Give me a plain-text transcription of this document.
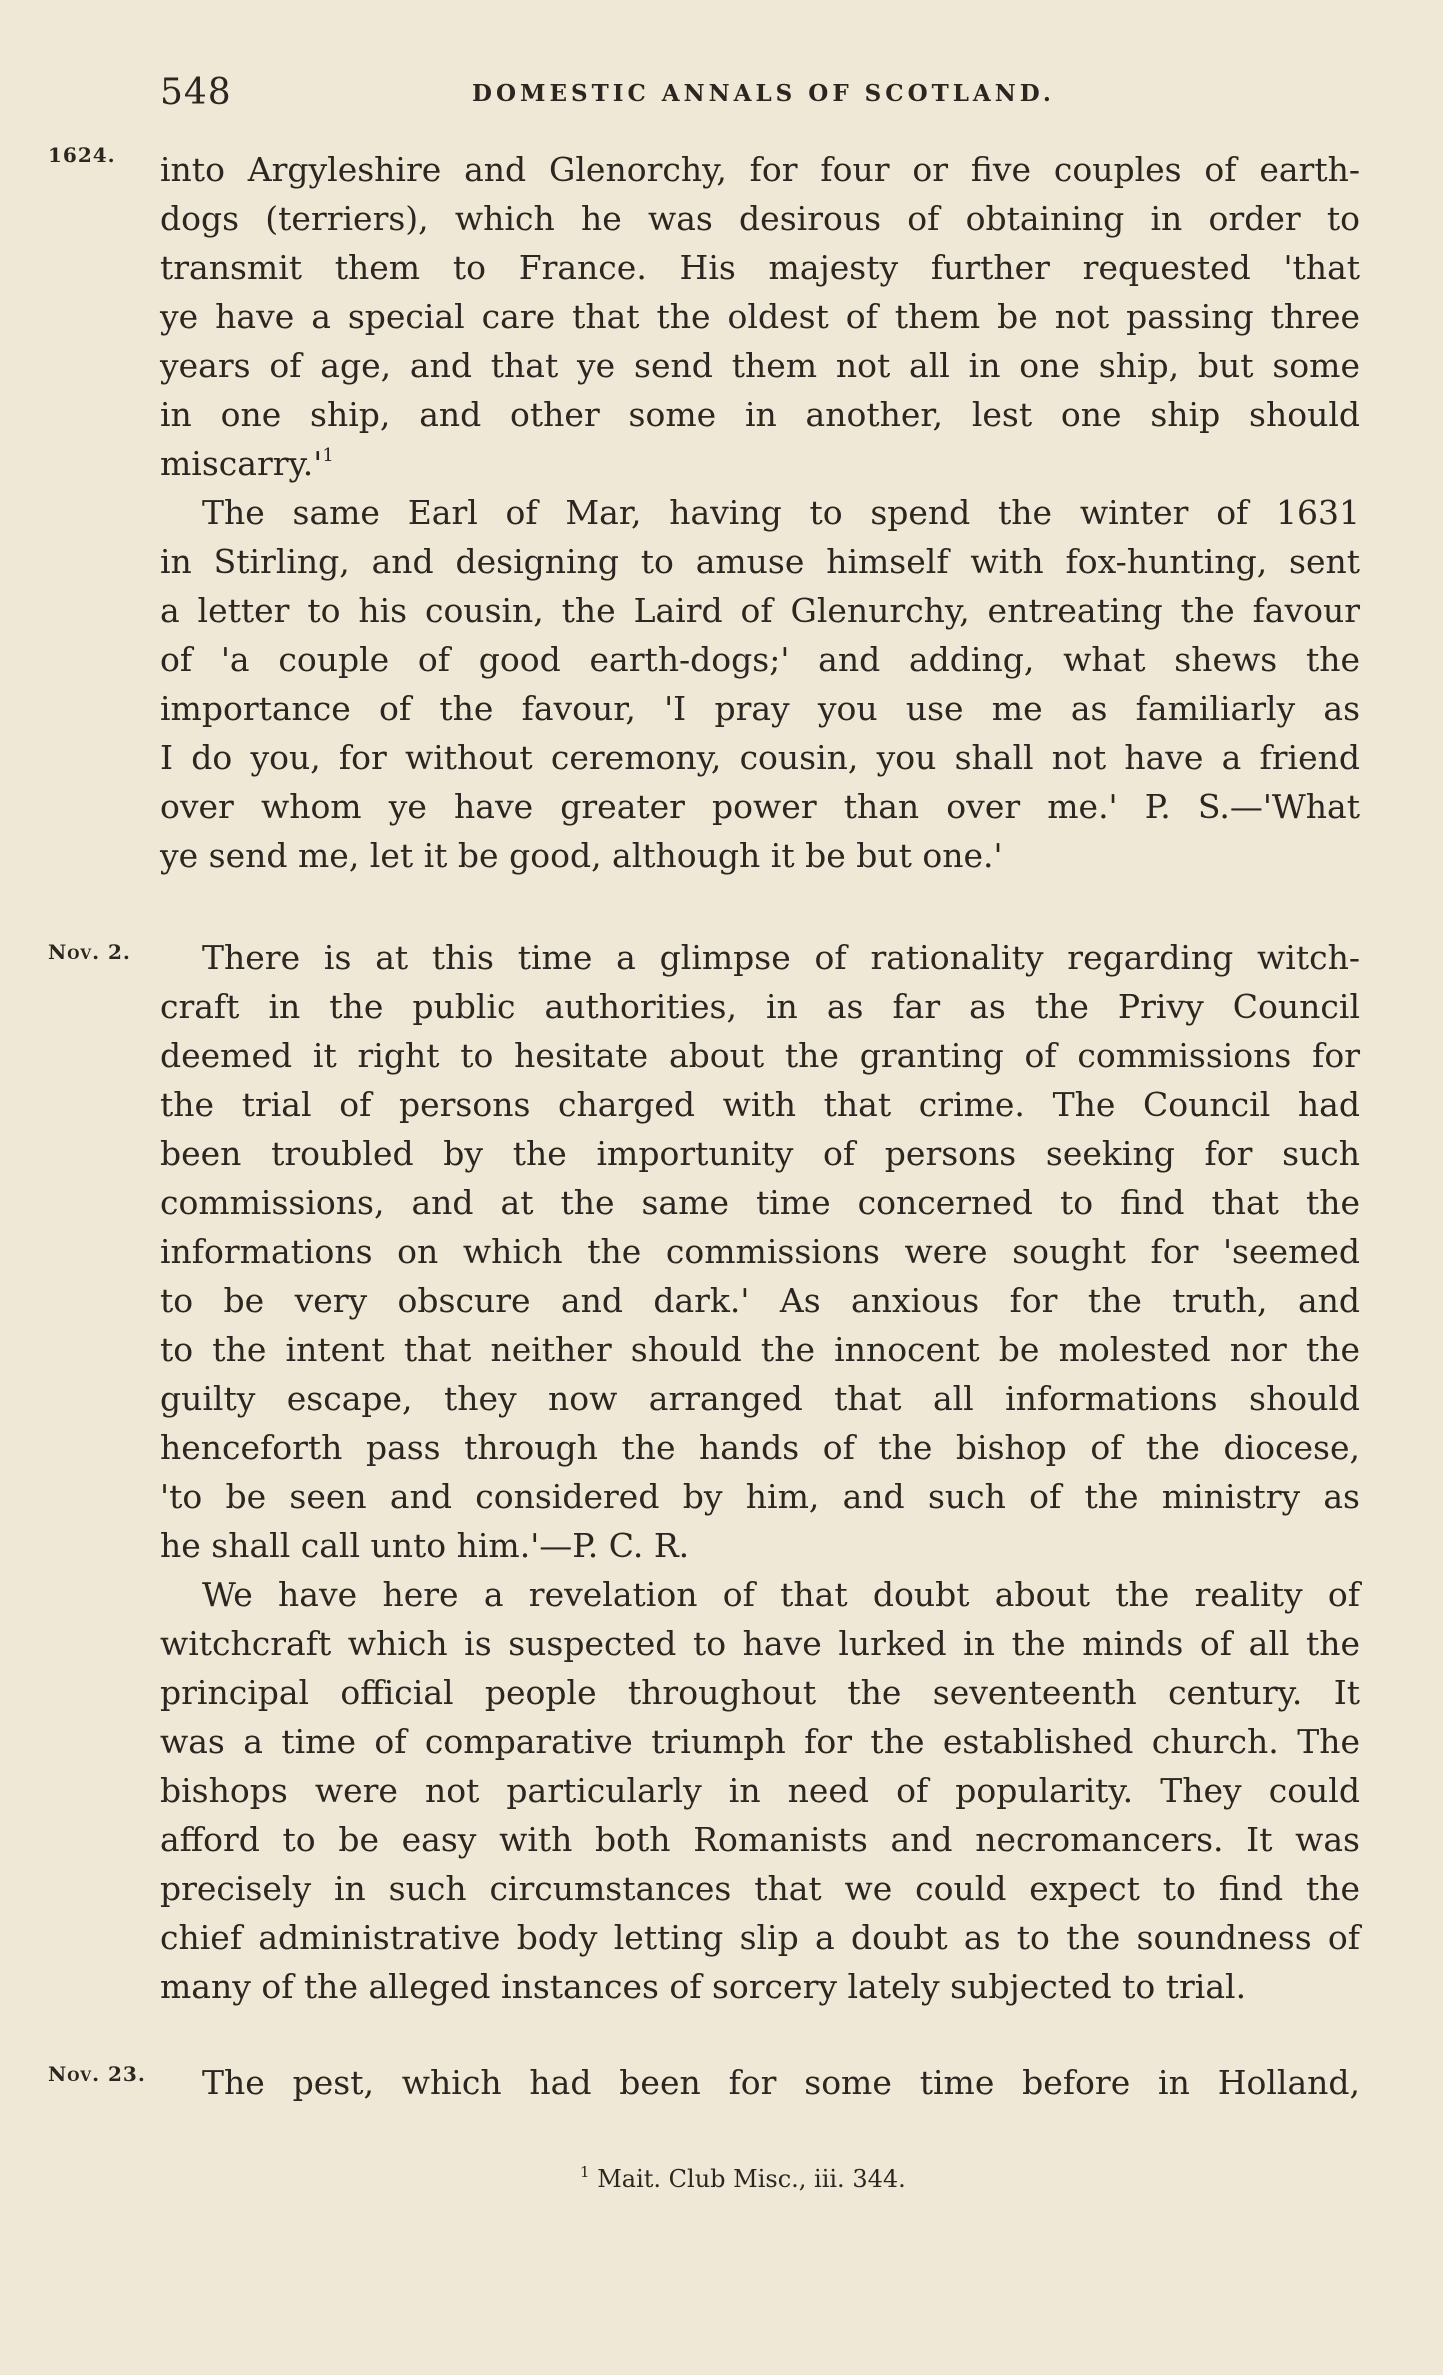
548	DOMESTIC ANNALS OF SCOTLAND.
1624.
Nov. 2.
Nov. 23.
into Argyleshire and Glenorchy, for four or five couples of earth-
dogs (terriers), which he was desirous of obtaining in order to
transmit them to France. His majesty further requested 'that
ye have a special care that the oldest of them be not passing three
years of age, and that ye send them not all in one ship, but some
in one ship, and other some in another, lest one ship should
$miscarry.'^1$
The same Earl of Mar, having to spend the winter of 1631
in Stirling, and designing to amuse himself with fox-hunting, sent
a letter to his cousin, the Laird of Glenurchy, entreating the favour
of 'a couple of good earth-dogs;' and adding, what shews the
importance of the favour, 'I pray you use me as familiarly as
I do you, for without ceremony, cousin, you shall not have a friend
over whom ye have greater power than over me.' P. S.—'What
ye send me, let it be good, although it be but one.'
There is at this time a glimpse of rationality regarding witch-
craft in the public authorities, in as far as the Privy Council
deemed it right to hesitate about the granting of commissions for
the trial of persons charged with that crime. The Council had
been troubled by the importunity of persons seeking for such
commissions, and at the same time concerned to find that the
informations on which the commissions were sought for 'seemed
to be very obscure and dark.' As anxious for the truth, and
to the intent that neither should the innocent be molested nor the
guilty escape, they now arranged that all informations should
henceforth pass through the hands of the bishop of the diocese,
'to be seen and considered by him, and such of the ministry as
he shall call unto him.'—P. C. R.
We have here a revelation of that doubt about the reality of
witchcraft which is suspected to have lurked in the minds of all the
principal official people throughout the seventeenth century. It
was a time of comparative triumph for the established church. The
bishops were not particularly in need of popularity. They could
afford to be easy with both Romanists and necromancers. It was
precisely in such circumstances that we could expect to find the
chief administrative body letting slip a doubt as to the soundness of
many of the alleged instances of sorcery lately subjected to trial.
The pest, which had been for some time before in Holland,
$^1$ Mait. Club Misc., iii. 344.
